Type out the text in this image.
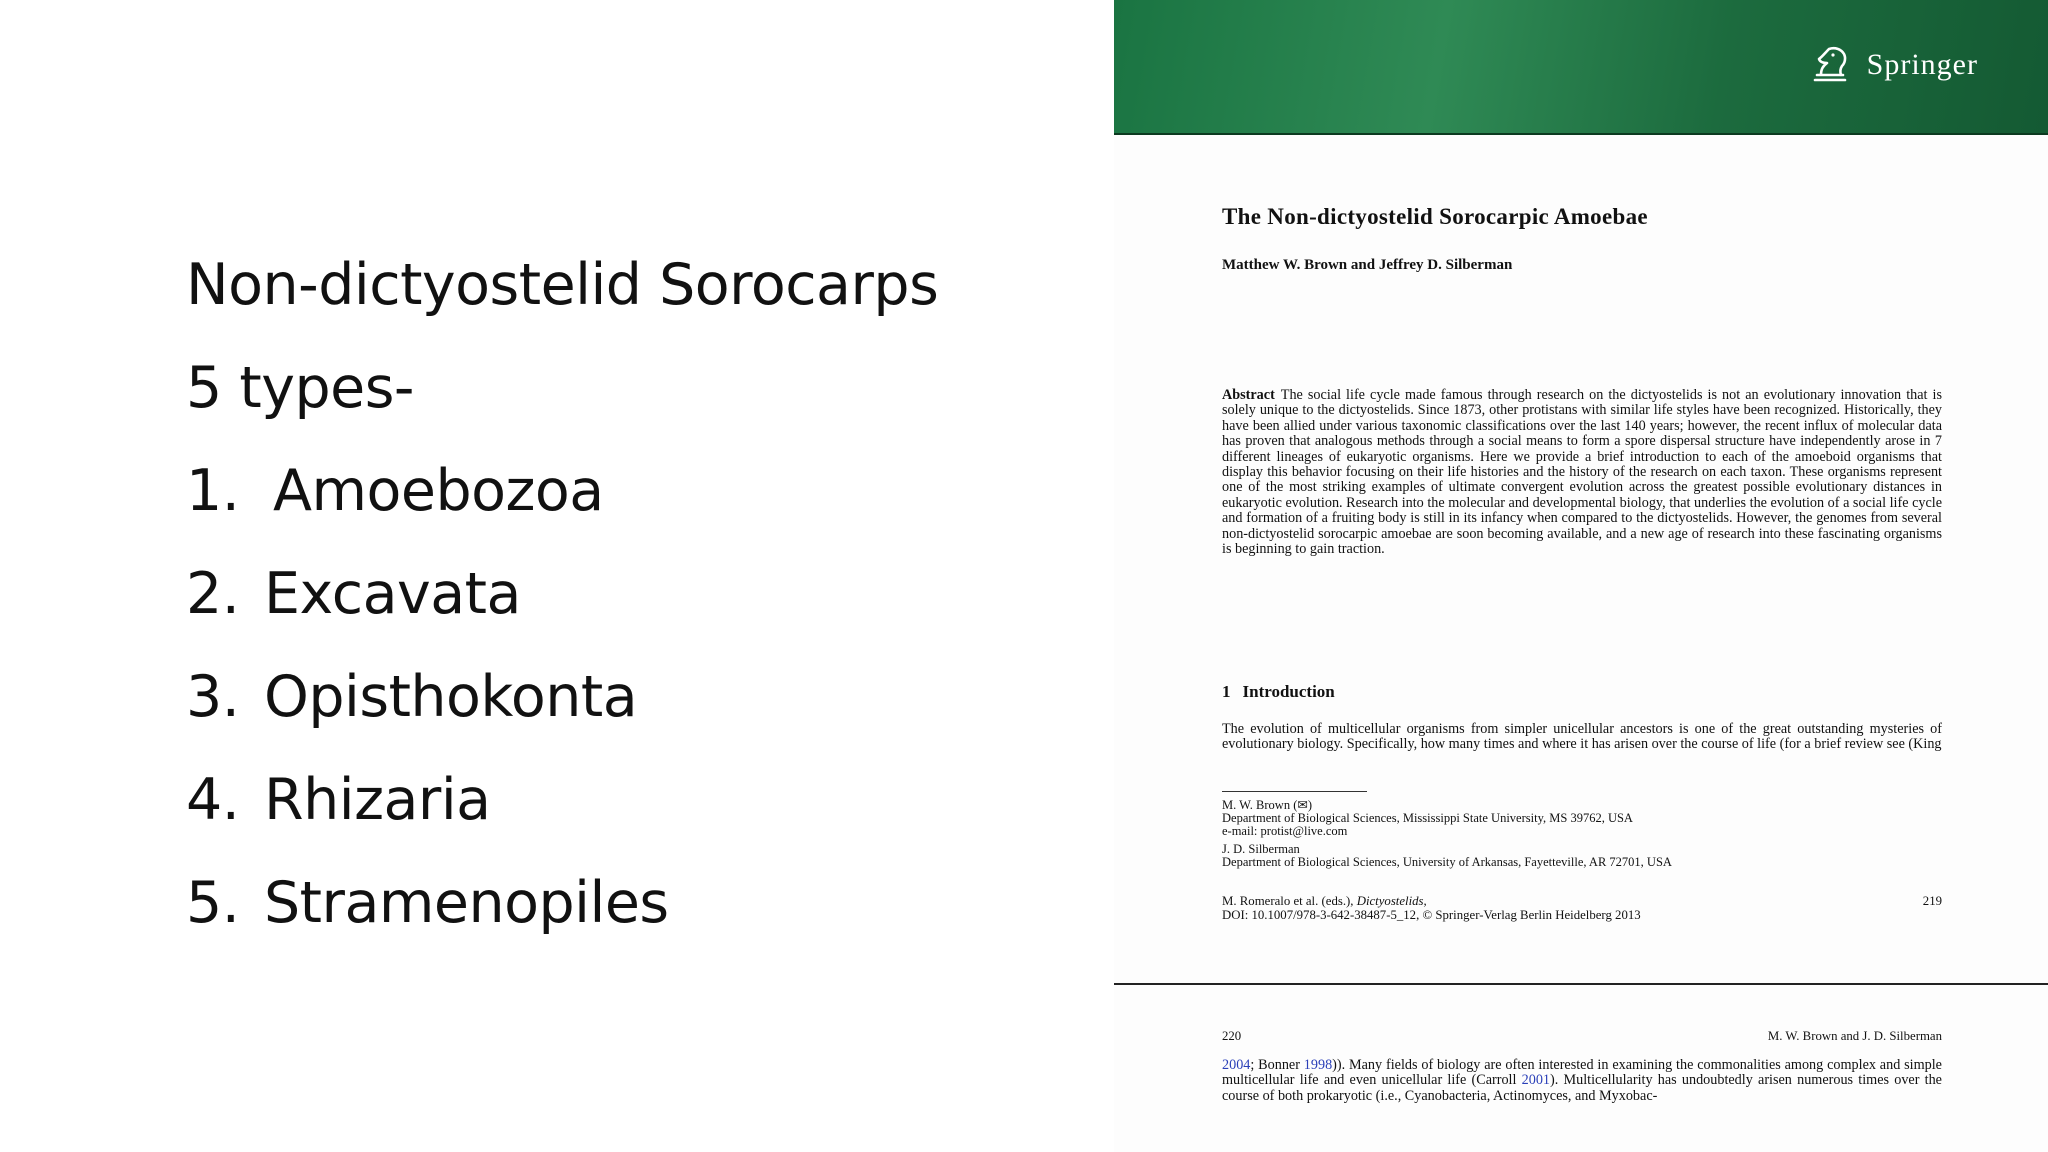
Non-dictyostelid Sorocarps
5 types-
1. Amoebozoa
2. Excavata
3. Opisthokonta
4. Rhizaria
5. Stramenopiles
Springer
The Non-dictyostelid Sorocarpic Amoebae
Matthew W. Brown and Jeffrey D. Silberman
Abstract The social life cycle made famous through research on the dictyostelids is not an evolutionary innovation that is solely unique to the dictyostelids. Since 1873, other protistans with similar life styles have been recognized. Historically, they have been allied under various taxonomic classifications over the last 140 years; however, the recent influx of molecular data has proven that analogous methods through a social means to form a spore dispersal structure have independently arose in 7 different lineages of eukaryotic organisms. Here we provide a brief introduction to each of the amoeboid organisms that display this behavior focusing on their life histories and the history of the research on each taxon. These organisms represent one of the most striking examples of ultimate convergent evolution across the greatest possible evolutionary distances in eukaryotic evolution. Research into the molecular and developmental biology, that underlies the evolution of a social life cycle and formation of a fruiting body is still in its infancy when compared to the dictyostelids. However, the genomes from several non-dictyostelid sorocarpic amoebae are soon becoming available, and a new age of research into these fascinating organisms is beginning to gain traction.
1 Introduction
The evolution of multicellular organisms from simpler unicellular ancestors is one of the great outstanding mysteries of evolutionary biology. Specifically, how many times and where it has arisen over the course of life (for a brief review see (King
M. W. Brown (✉)
Department of Biological Sciences, Mississippi State University, MS 39762, USA
e-mail: protist@live.com
J. D. Silberman
Department of Biological Sciences, University of Arkansas, Fayetteville, AR 72701, USA
M. Romeralo et al. (eds.), Dictyostelids,	219
DOI: 10.1007/978-3-642-38487-5_12, © Springer-Verlag Berlin Heidelberg 2013
220	M. W. Brown and J. D. Silberman
2004; Bonner 1998)). Many fields of biology are often interested in examining the commonalities among complex and simple multicellular life and even unicellular life (Carroll 2001). Multicellularity has undoubtedly arisen numerous times over the course of both prokaryotic (i.e., Cyanobacteria, Actinomyces, and Myxobac-
